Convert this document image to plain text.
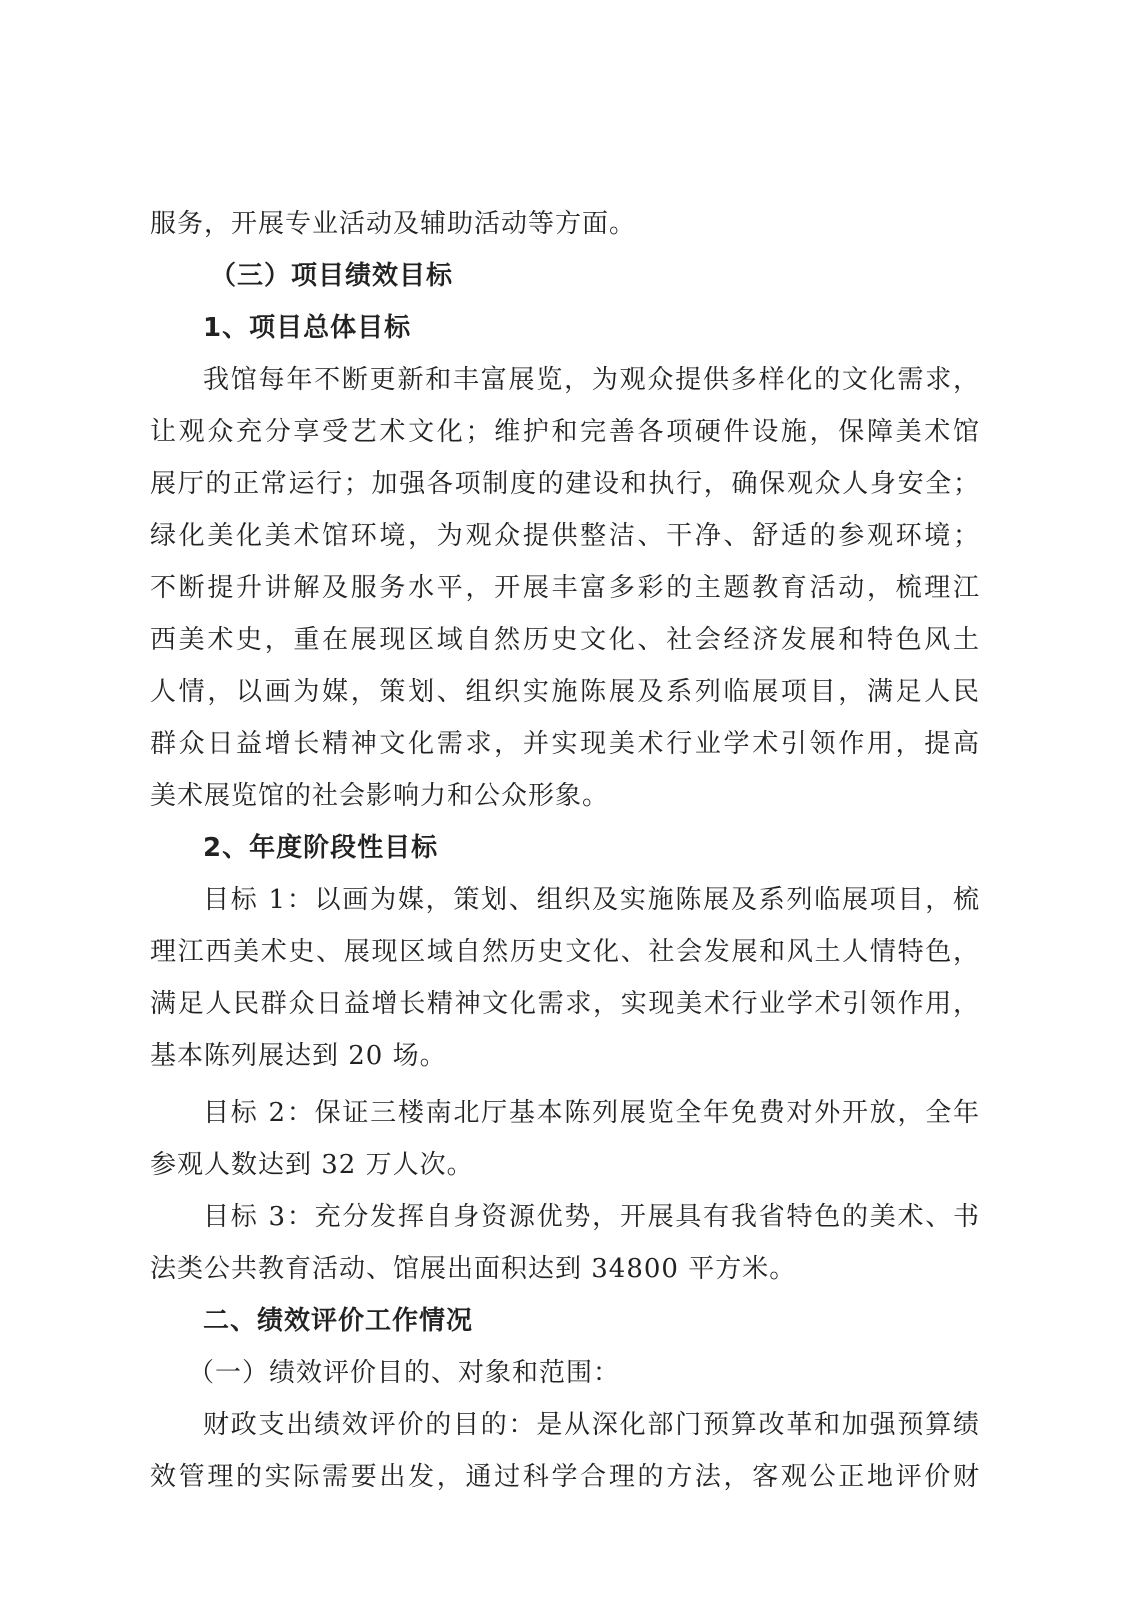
服务，开展专业活动及辅助活动等方面。
（三）项目绩效目标
1、项目总体目标
我馆每年不断更新和丰富展览，为观众提供多样化的文化需求，
让观众充分享受艺术文化；维护和完善各项硬件设施，保障美术馆
展厅的正常运行；加强各项制度的建设和执行，确保观众人身安全；
绿化美化美术馆环境，为观众提供整洁、干净、舒适的参观环境；
不断提升讲解及服务水平，开展丰富多彩的主题教育活动，梳理江
西美术史，重在展现区域自然历史文化、社会经济发展和特色风土
人情，以画为媒，策划、组织实施陈展及系列临展项目，满足人民
群众日益增长精神文化需求，并实现美术行业学术引领作用，提高
美术展览馆的社会影响力和公众形象。
2、年度阶段性目标
目标 1：以画为媒，策划、组织及实施陈展及系列临展项目，梳
理江西美术史、展现区域自然历史文化、社会发展和风土人情特色，
满足人民群众日益增长精神文化需求，实现美术行业学术引领作用，
基本陈列展达到 20 场。
目标 2：保证三楼南北厅基本陈列展览全年免费对外开放，全年
参观人数达到 32 万人次。
目标 3：充分发挥自身资源优势，开展具有我省特色的美术、书
法类公共教育活动、馆展出面积达到 34800 平方米。
二、绩效评价工作情况
（一）绩效评价目的、对象和范围：
财政支出绩效评价的目的：是从深化部门预算改革和加强预算绩
效管理的实际需要出发，通过科学合理的方法，客观公正地评价财
